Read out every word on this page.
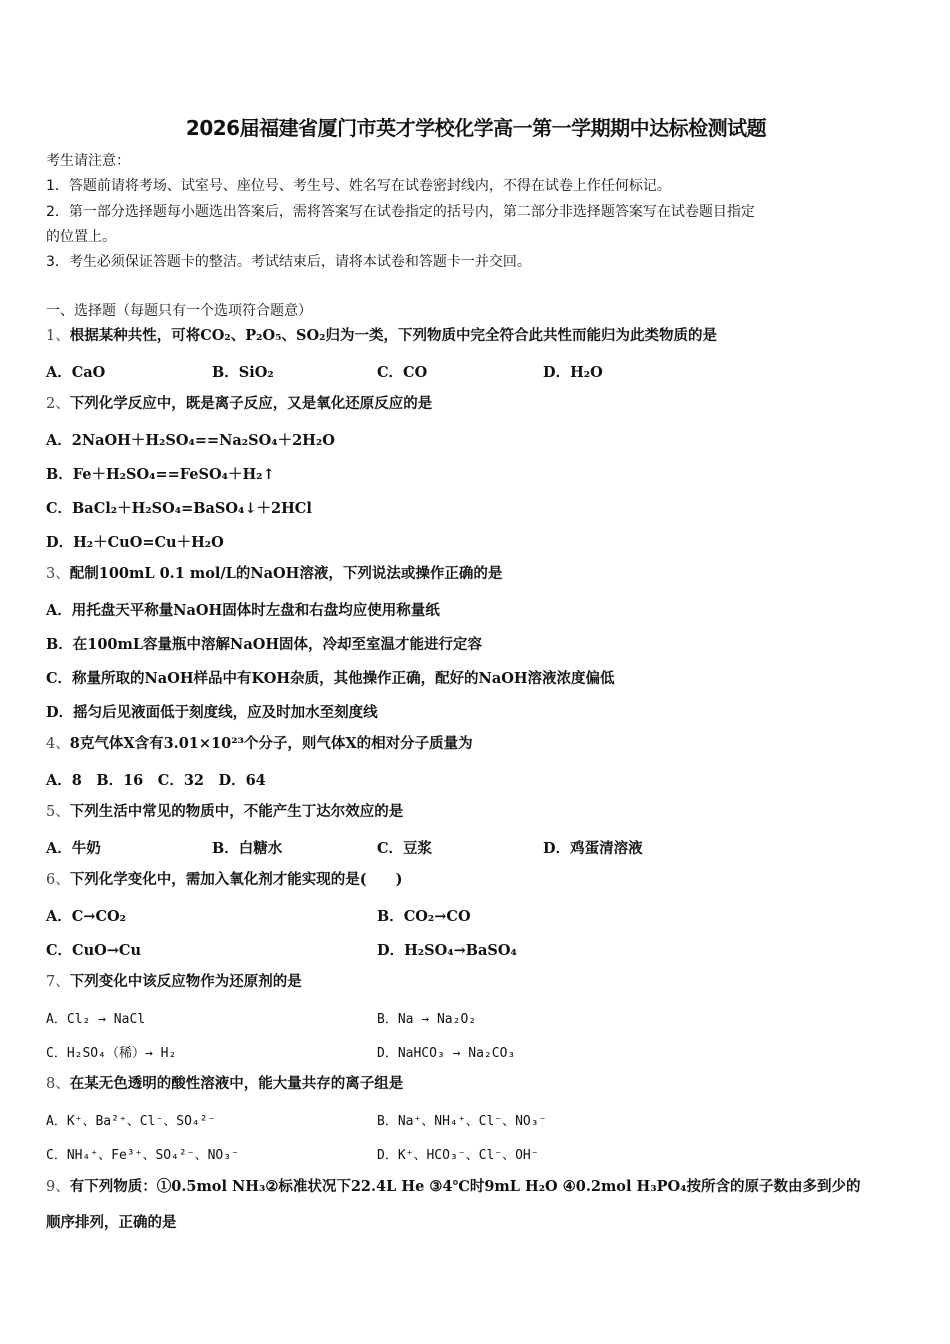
2026届福建省厦门市英才学校化学高一第一学期期中达标检测试题
考生请注意：
1．答题前请将考场、试室号、座位号、考生号、姓名写在试卷密封线内，不得在试卷上作任何标记。
2．第一部分选择题每小题选出答案后，需将答案写在试卷指定的括号内，第二部分非选择题答案写在试卷题目指定
的位置上。
3．考生必须保证答题卡的整洁。考试结束后，请将本试卷和答题卡一并交回。
一、选择题（每题只有一个选项符合题意）
1、根据某种共性，可将CO₂、P₂O₅、SO₂归为一类，下列物质中完全符合此共性而能归为此类物质的是
A．CaO	B．SiO₂	C．CO	D．H₂O
2、下列化学反应中，既是离子反应，又是氧化还原反应的是
A．2NaOH＋H₂SO₄==Na₂SO₄＋2H₂O
B．Fe＋H₂SO₄==FeSO₄＋H₂↑
C．BaCl₂＋H₂SO₄=BaSO₄↓＋2HCl
D．H₂＋CuO=Cu＋H₂O
3、配制100mL 0.1 mol/L的NaOH溶液，下列说法或操作正确的是
A．用托盘天平称量NaOH固体时左盘和右盘均应使用称量纸
B．在100mL容量瓶中溶解NaOH固体，冷却至室温才能进行定容
C．称量所取的NaOH样品中有KOH杂质，其他操作正确，配好的NaOH溶液浓度偏低
D．摇匀后见液面低于刻度线，应及时加水至刻度线
4、8克气体X含有3.01×10²³个分子，则气体X的相对分子质量为
A．8　B．16　C．32　D．64
5、下列生活中常见的物质中，不能产生丁达尔效应的是
A．牛奶	B．白糖水	C．豆浆	D．鸡蛋清溶液
6、下列化学变化中，需加入氧化剂才能实现的是(　　)
A．C→CO₂	B．CO₂→CO
C．CuO→Cu	D．H₂SO₄→BaSO₄
7、下列变化中该反应物作为还原剂的是
A．Cl₂ → NaCl	B．Na → Na₂O₂
C．H₂SO₄（稀）→ H₂	D．NaHCO₃ → Na₂CO₃
8、在某无色透明的酸性溶液中，能大量共存的离子组是
A．K⁺、Ba²⁺、Cl⁻、SO₄²⁻	B．Na⁺、NH₄⁺、Cl⁻、NO₃⁻
C．NH₄⁺、Fe³⁺、SO₄²⁻、NO₃⁻	D．K⁺、HCO₃⁻、Cl⁻、OH⁻
9、有下列物质：①0.5mol NH₃②标准状况下22.4L He ③4℃时9mL H₂O ④0.2mol H₃PO₄按所含的原子数由多到少的
顺序排列，正确的是
